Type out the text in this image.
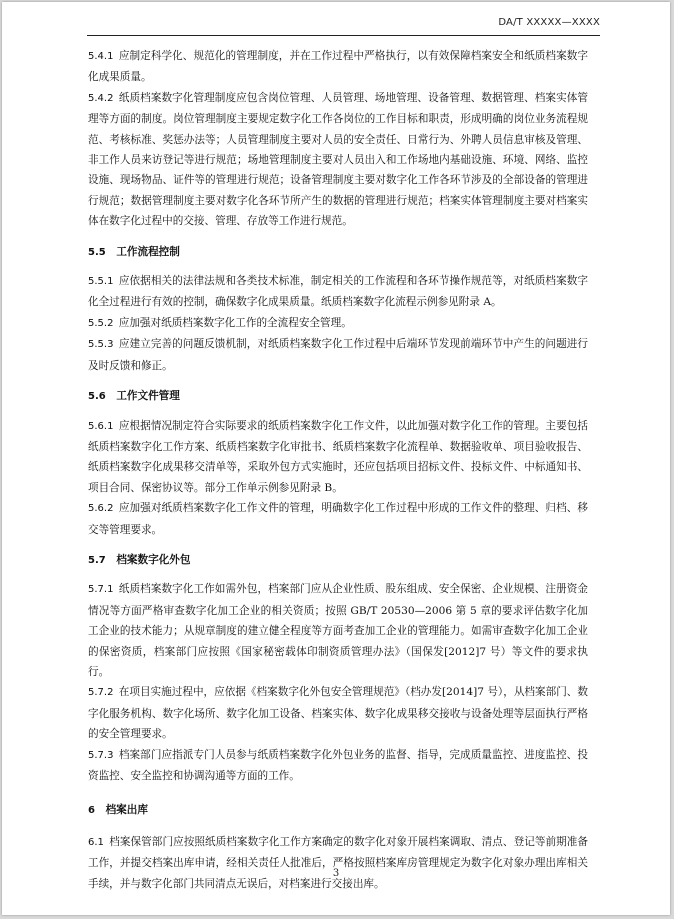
DA/T XXXXX—XXXX
5.4.1  应制定科学化、规范化的管理制度，并在工作过程中严格执行，以有效保障档案安全和纸质档案数字化成果质量。
5.4.2  纸质档案数字化管理制度应包含岗位管理、人员管理、场地管理、设备管理、数据管理、档案实体管理等方面的制度。岗位管理制度主要规定数字化工作各岗位的工作目标和职责，形成明确的岗位业务流程规范、考核标准、奖惩办法等；人员管理制度主要对人员的安全责任、日常行为、外聘人员信息审核及管理、非工作人员来访登记等进行规范；场地管理制度主要对人员出入和工作场地内基础设施、环境、网络、监控设施、现场物品、证件等的管理进行规范；设备管理制度主要对数字化工作各环节涉及的全部设备的管理进行规范；数据管理制度主要对数字化各环节所产生的数据的管理进行规范；档案实体管理制度主要对档案实体在数字化过程中的交接、管理、存放等工作进行规范。
5.5  工作流程控制
5.5.1  应依据相关的法律法规和各类技术标准，制定相关的工作流程和各环节操作规范等，对纸质档案数字化全过程进行有效的控制，确保数字化成果质量。纸质档案数字化流程示例参见附录 A。
5.5.2  应加强对纸质档案数字化工作的全流程安全管理。
5.5.3  应建立完善的问题反馈机制，对纸质档案数字化工作过程中后端环节发现前端环节中产生的问题进行及时反馈和修正。
5.6  工作文件管理
5.6.1  应根据情况制定符合实际要求的纸质档案数字化工作文件，以此加强对数字化工作的管理。主要包括纸质档案数字化工作方案、纸质档案数字化审批书、纸质档案数字化流程单、数据验收单、项目验收报告、纸质档案数字化成果移交清单等，采取外包方式实施时，还应包括项目招标文件、投标文件、中标通知书、项目合同、保密协议等。部分工作单示例参见附录 B。
5.6.2  应加强对纸质档案数字化工作文件的管理，明确数字化工作过程中形成的工作文件的整理、归档、移交等管理要求。
5.7  档案数字化外包
5.7.1  纸质档案数字化工作如需外包，档案部门应从企业性质、股东组成、安全保密、企业规模、注册资金情况等方面严格审查数字化加工企业的相关资质；按照 GB/T 20530—2006 第 5 章的要求评估数字化加工企业的技术能力；从规章制度的建立健全程度等方面考查加工企业的管理能力。如需审查数字化加工企业的保密资质，档案部门应按照《国家秘密载体印制资质管理办法》（国保发[2012]7 号）等文件的要求执行。
5.7.2  在项目实施过程中，应依据《档案数字化外包安全管理规范》（档办发[2014]7 号），从档案部门、数字化服务机构、数字化场所、数字化加工设备、档案实体、数字化成果移交接收与设备处理等层面执行严格的安全管理要求。
5.7.3  档案部门应指派专门人员参与纸质档案数字化外包业务的监督、指导，完成质量监控、进度监控、投资监控、安全监控和协调沟通等方面的工作。
6  档案出库
6.1  档案保管部门应按照纸质档案数字化工作方案确定的数字化对象开展档案调取、清点、登记等前期准备工作，并提交档案出库申请，经相关责任人批准后，严格按照档案库房管理规定为数字化对象办理出库相关手续，并与数字化部门共同清点无误后，对档案进行交接出库。
3
